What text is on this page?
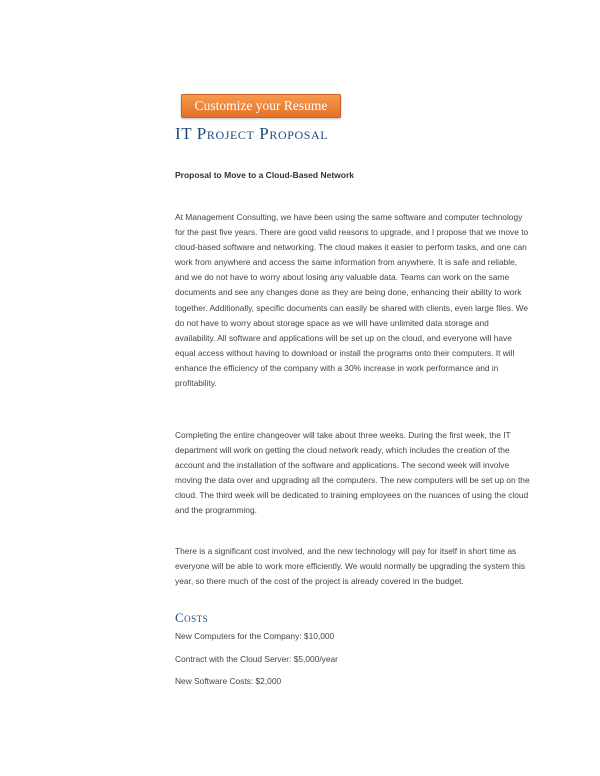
Customize your Resume
IT Project Proposal

Proposal to Move to a Cloud-Based Network

At Management Consulting, we have been using the same software and computer technology for the past five years. There are good valid reasons to upgrade, and I propose that we move to cloud-based software and networking. The cloud makes it easier to perform tasks, and one can work from anywhere and access the same information from anywhere. It is safe and reliable, and we do not have to worry about losing any valuable data. Teams can work on the same documents and see any changes done as they are being done, enhancing their ability to work together. Additionally, specific documents can easily be shared with clients, even large files. We do not have to worry about storage space as we will have unlimited data storage and availability. All software and applications will be set up on the cloud, and everyone will have equal access without having to download or install the programs onto their computers. It will enhance the efficiency of the company with a 30% increase in work performance and in profitability.

Completing the entire changeover will take about three weeks. During the first week, the IT department will work on getting the cloud network ready, which includes the creation of the account and the installation of the software and applications. The second week will involve moving the data over and upgrading all the computers. The new computers will be set up on the cloud. The third week will be dedicated to training employees on the nuances of using the cloud and the programming.

There is a significant cost involved, and the new technology will pay for itself in short time as everyone will be able to work more efficiently. We would normally be upgrading the system this year, so there much of the cost of the project is already covered in the budget.

Costs

New Computers for the Company: $10,000

Contract with the Cloud Server: $5,000/year

New Software Costs: $2,000
